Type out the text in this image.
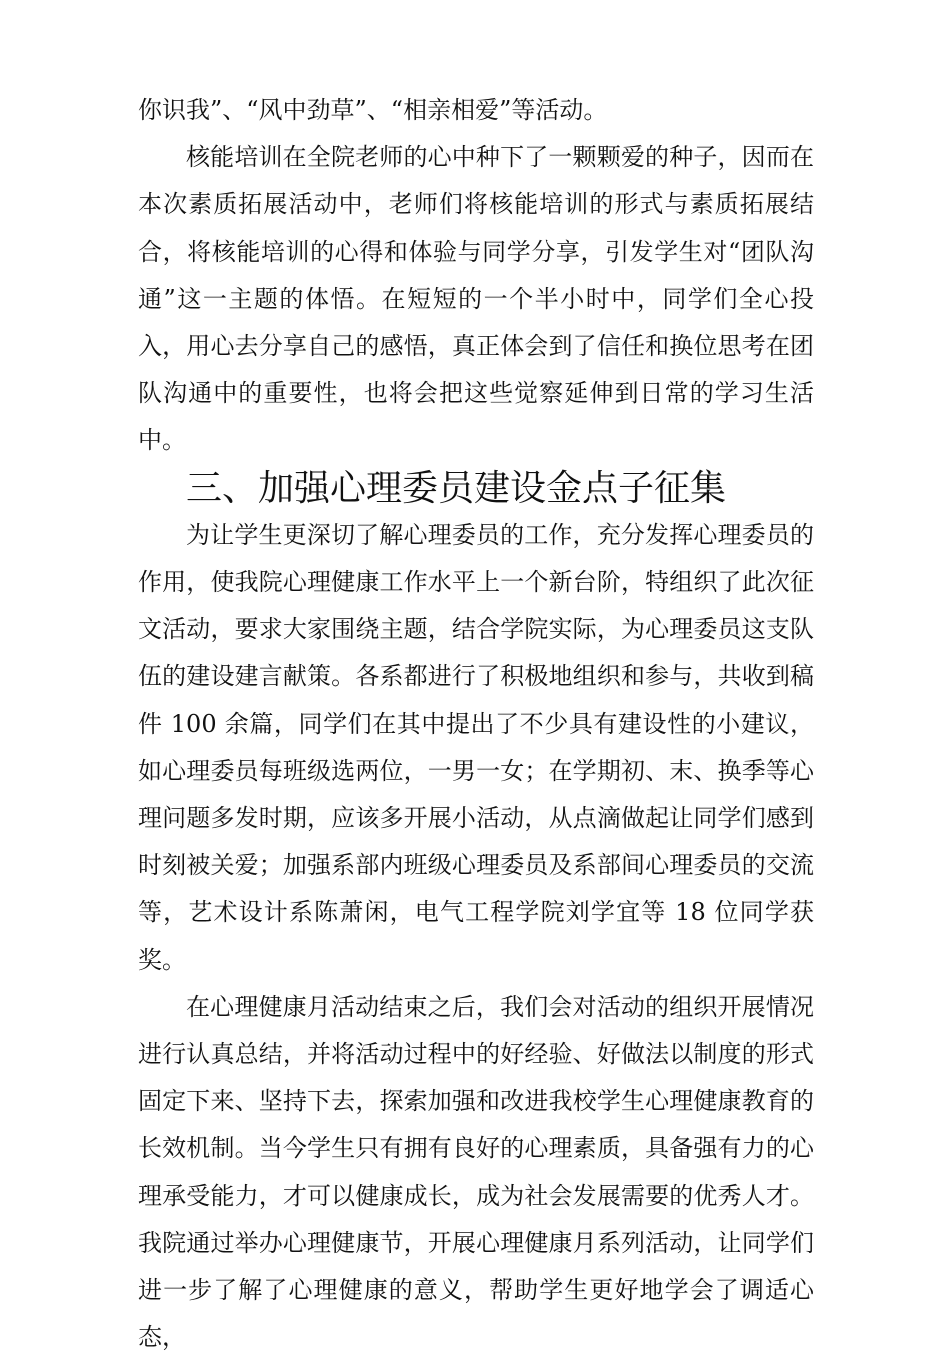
你识我”、“风中劲草”、“相亲相爱”等活动。

核能培训在全院老师的心中种下了一颗颗爱的种子，因而在本次素质拓展活动中，老师们将核能培训的形式与素质拓展结合，将核能培训的心得和体验与同学分享，引发学生对“团队沟通”这一主题的体悟。在短短的一个半小时中，同学们全心投入，用心去分享自己的感悟，真正体会到了信任和换位思考在团队沟通中的重要性，也将会把这些觉察延伸到日常的学习生活中。

三、加强心理委员建设金点子征集

为让学生更深切了解心理委员的工作，充分发挥心理委员的作用，使我院心理健康工作水平上一个新台阶，特组织了此次征文活动，要求大家围绕主题，结合学院实际，为心理委员这支队伍的建设建言献策。各系都进行了积极地组织和参与，共收到稿件 100 余篇，同学们在其中提出了不少具有建设性的小建议，如心理委员每班级选两位，一男一女；在学期初、末、换季等心理问题多发时期，应该多开展小活动，从点滴做起让同学们感到时刻被关爱；加强系部内班级心理委员及系部间心理委员的交流等，艺术设计系陈萧闲，电气工程学院刘学宜等 18 位同学获奖。

在心理健康月活动结束之后，我们会对活动的组织开展情况进行认真总结，并将活动过程中的好经验、好做法以制度的形式固定下来、坚持下去，探索加强和改进我校学生心理健康教育的长效机制。当今学生只有拥有良好的心理素质，具备强有力的心理承受能力，才可以健康成长，成为社会发展需要的优秀人才。我院通过举办心理健康节，开展心理健康月系列活动，让同学们进一步了解了心理健康的意义，帮助学生更好地学会了调适心态，
